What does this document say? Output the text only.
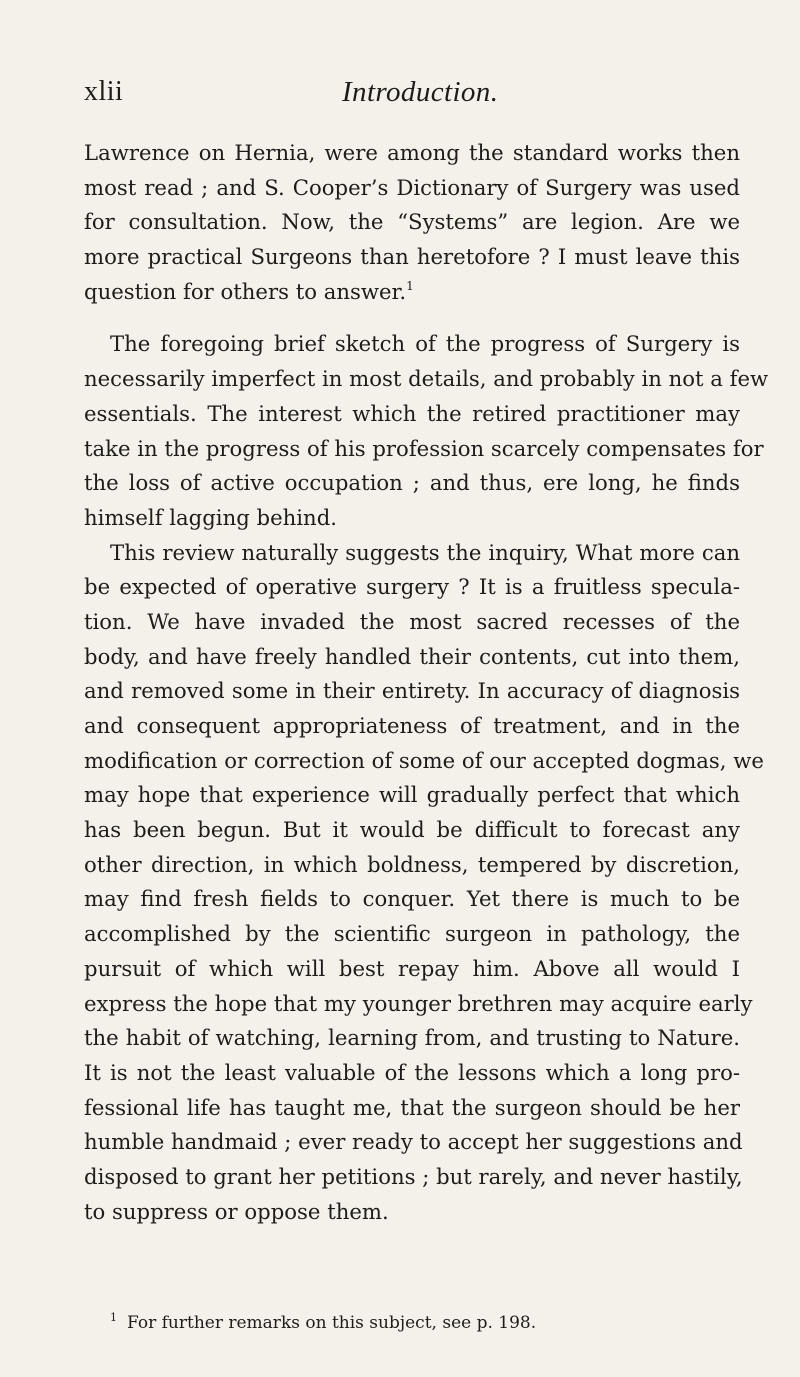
xlii	Introduction.
Lawrence on Hernia, were among the standard works then
most read ; and S. Cooper’s Dictionary of Surgery was used
for consultation. Now, the “Systems” are legion. Are we
more practical Surgeons than heretofore ? I must leave this
question for others to answer.$^1$
The foregoing brief sketch of the progress of Surgery is
necessarily imperfect in most details, and probably in not a few
essentials. The interest which the retired practitioner may
take in the progress of his profession scarcely compensates for
the loss of active occupation ; and thus, ere long, he finds
himself lagging behind.
This review naturally suggests the inquiry, What more can
be expected of operative surgery ? It is a fruitless specula-
tion. We have invaded the most sacred recesses of the
body, and have freely handled their contents, cut into them,
and removed some in their entirety. In accuracy of diagnosis
and consequent appropriateness of treatment, and in the
modification or correction of some of our accepted dogmas, we
may hope that experience will gradually perfect that which
has been begun. But it would be difficult to forecast any
other direction, in which boldness, tempered by discretion,
may find fresh fields to conquer. Yet there is much to be
accomplished by the scientific surgeon in pathology, the
pursuit of which will best repay him. Above all would I
express the hope that my younger brethren may acquire early
the habit of watching, learning from, and trusting to Nature.
It is not the least valuable of the lessons which a long pro-
fessional life has taught me, that the surgeon should be her
humble handmaid ; ever ready to accept her suggestions and
disposed to grant her petitions ; but rarely, and never hastily,
to suppress or oppose them.
$^1$ For further remarks on this subject, see p. 198.
